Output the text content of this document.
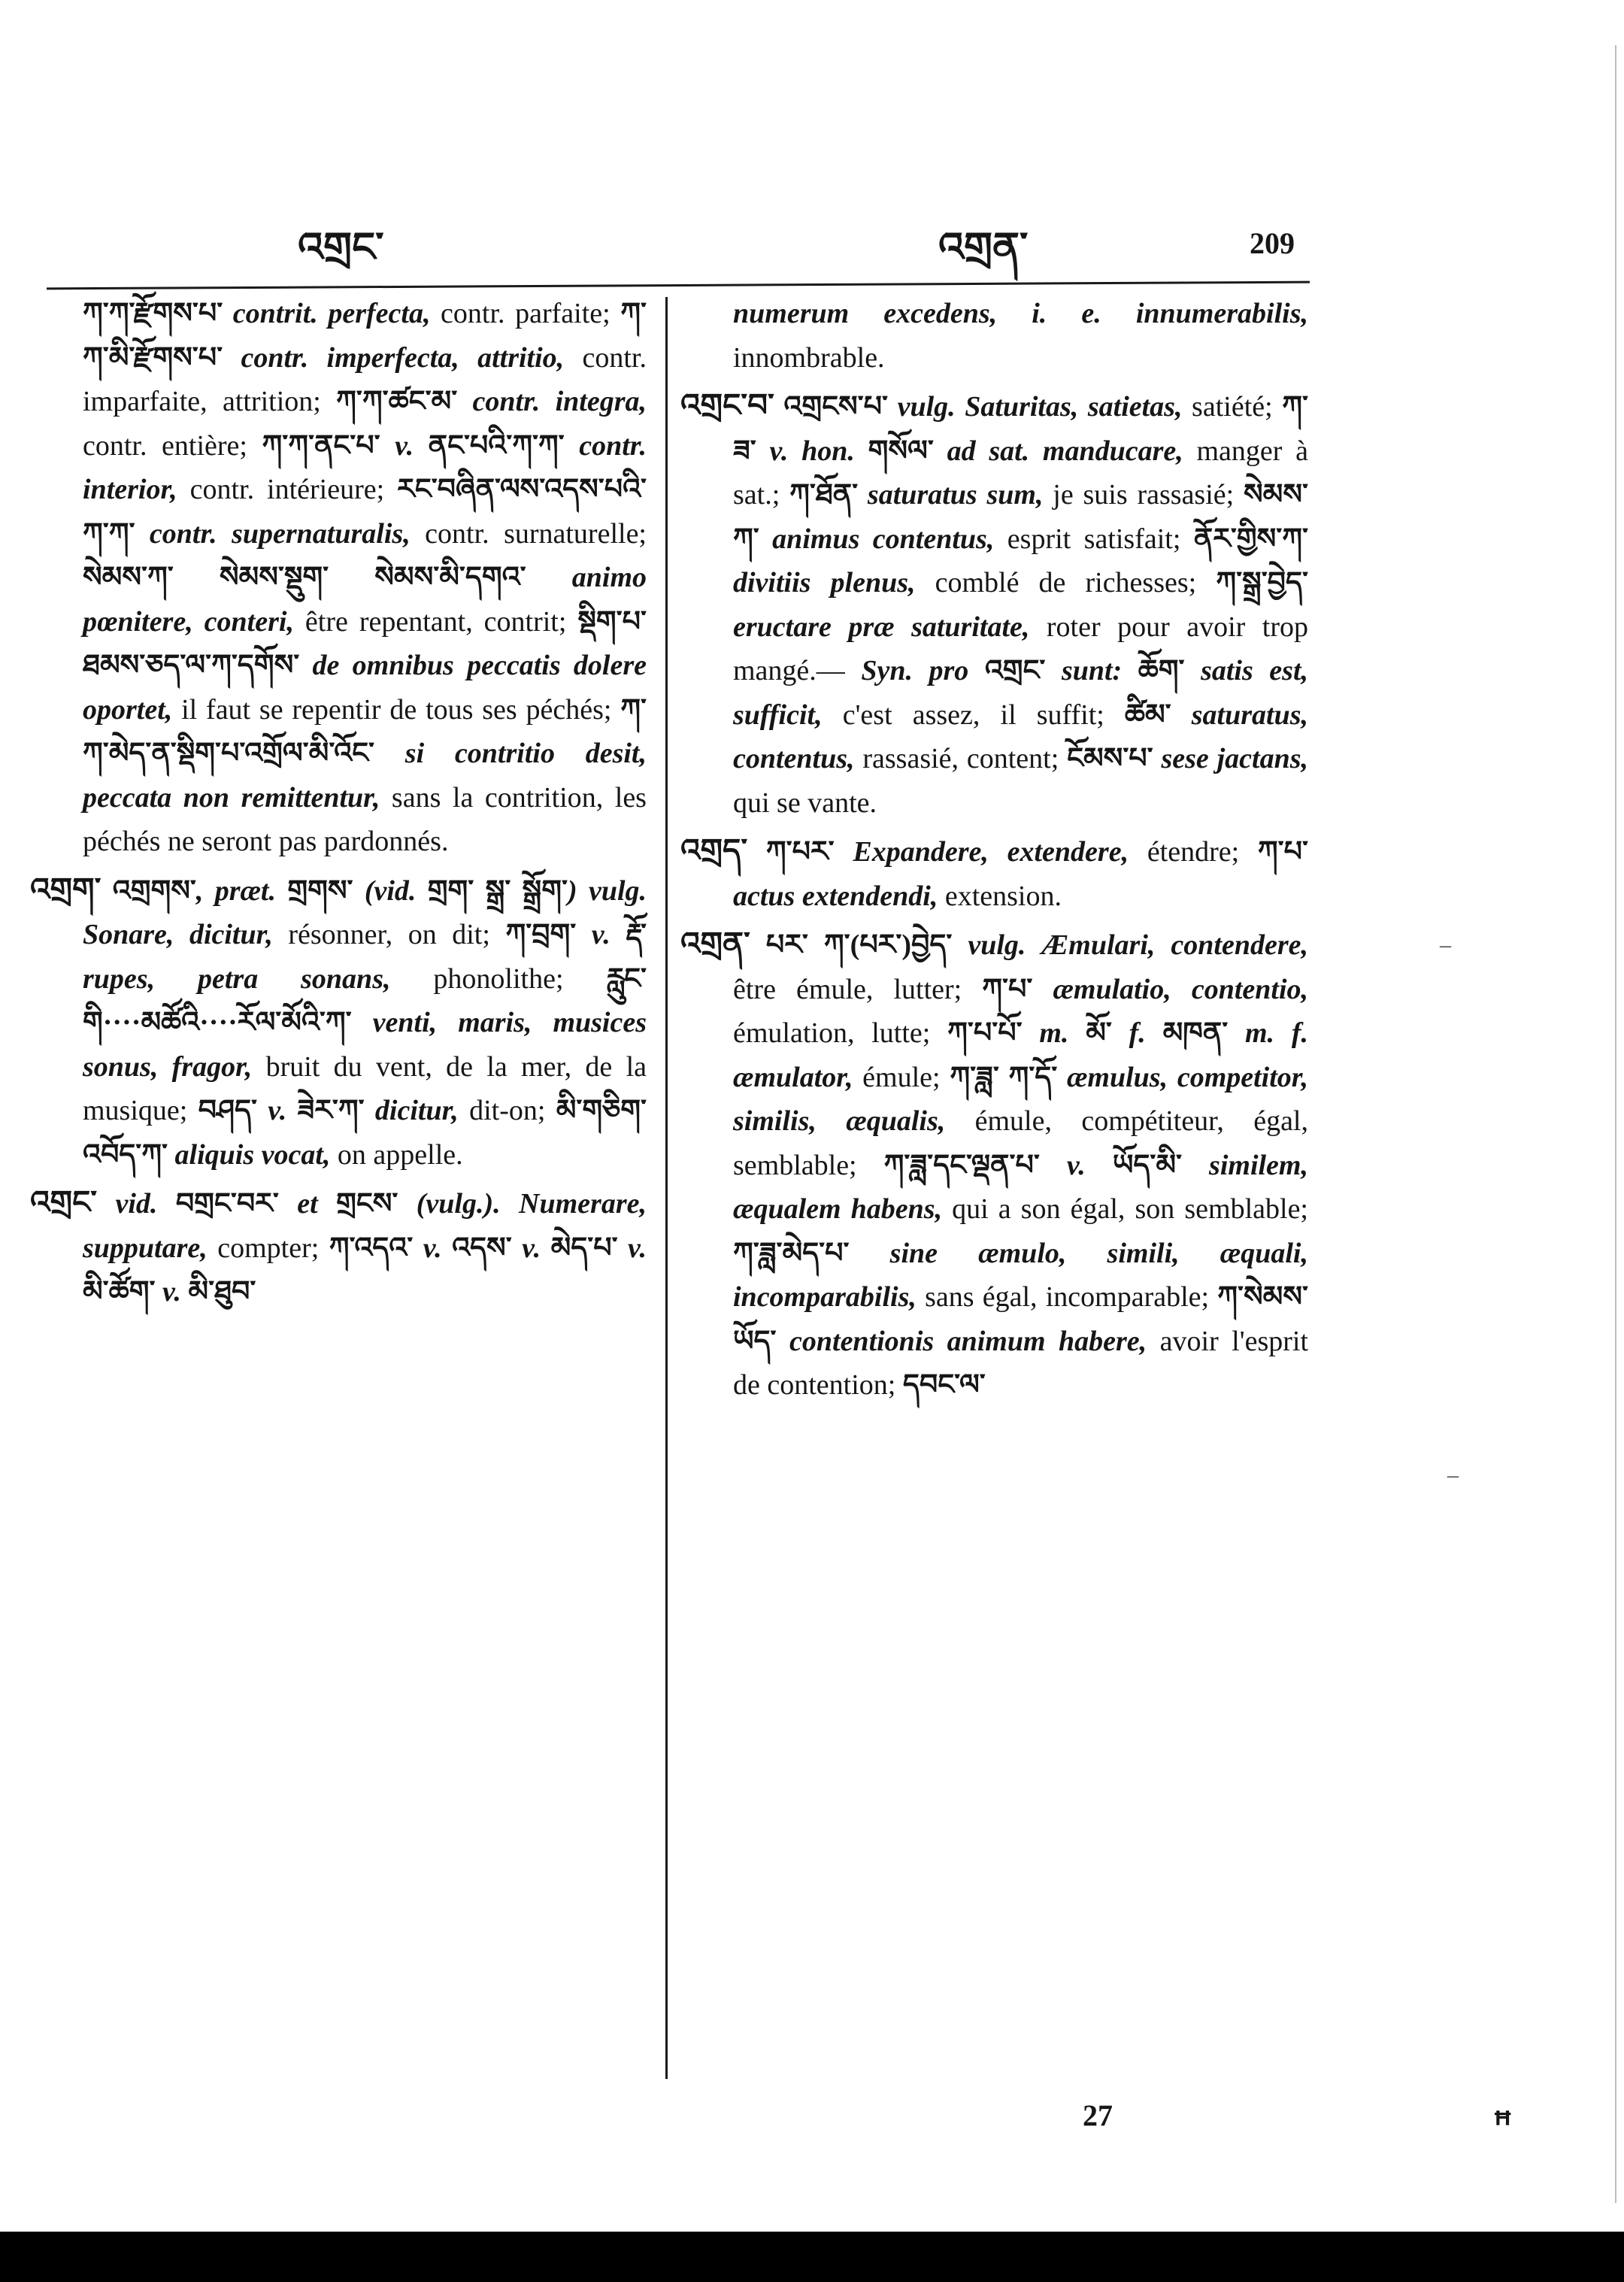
འགྲང་	འགྲན་	209

ཀ་ཀ་རྫོགས་པ་ contrit. perfecta, contr. parfaite; ཀ་ཀ་མི་རྫོགས་པ་ contr. imperfecta, attritio, contr. imparfaite, attrition; ཀ་ཀ་ཚང་མ་ contr. integra, contr. entière; ཀ་ཀ་ནང་པ་ v. ནང་པའི་ཀ་ཀ་ contr. interior, contr. intérieure; རང་བཞིན་ལས་འདས་པའི་ཀ་ཀ་ contr. supernaturalis, contr. surnaturelle; སེམས་ཀ་ སེམས་སྡུག་ སེམས་མི་དགའ་ animo pœnitere, conteri, être repentant, contrit; སྡིག་པ་ཐམས་ཅད་ལ་ཀ་དགོས་ de omnibus peccatis dolere oportet, il faut se repentir de tous ses péchés; ཀ་ཀ་མེད་ན་སྡིག་པ་འགྲོལ་མི་འོང་ si contritio desit, peccata non remittentur, sans la contrition, les péchés ne seront pas pardonnés.

འགྲག་ འགྲགས་, præt. གྲགས་ (vid. གྲག་ སྒྲ་ སྒྲོག་) vulg. Sonare, dicitur, résonner, on dit; ཀ་བྲག་ v. རྡོ་ rupes, petra sonans, phonolithe; རླུང་གི····མཚོའི····རོལ་མོའི་ཀ་ venti, maris, musices sonus, fragor, bruit du vent, de la mer, de la musique; བཤད་ v. ཟེར་ཀ་ dicitur, dit-on; མི་གཅིག་འབོད་ཀ་ aliquis vocat, on appelle.

འགྲང་ vid. བགྲང་བར་ et གྲངས་ (vulg.). Numerare, supputare, compter; ཀ་འདའ་ v. འདས་ v. མེད་པ་ v. མི་ཚོག་ v. མི་ཐུབ་

numerum excedens, i. e. innumerabilis, innombrable.

འགྲང་བ་ འགྲངས་པ་ vulg. Saturitas, satietas, satiété; ཀ་ཟ་ v. hon. གསོལ་ ad sat. manducare, manger à sat.; ཀ་ཐོན་ saturatus sum, je suis rassasié; སེམས་ཀ་ animus contentus, esprit satisfait; ནོར་གྱིས་ཀ་ divitiis plenus, comblé de richesses; ཀ་སྒྲ་བྱེད་ eructare præ saturitate, roter pour avoir trop mangé.— Syn. pro འགྲང་ sunt: ཆོག་ satis est, sufficit, c'est assez, il suffit; ཚིམ་ saturatus, contentus, rassasié, content; ངོམས་པ་ sese jactans, qui se vante.

འགྲད་ ཀ་པར་ Expandere, extendere, étendre; ཀ་པ་ actus extendendi, extension.

འགྲན་ པར་ ཀ་(པར་)བྱེད་ vulg. Æmulari, contendere, être émule, lutter; ཀ་པ་ æmulatio, contentio, émulation, lutte; ཀ་པ་པོ་ m. མོ་ f. མཁན་ m. f. æmulator, émule; ཀ་ཟླ་ ཀ་དོ་ æmulus, competitor, similis, æqualis, émule, compétiteur, égal, semblable; ཀ་ཟླ་དང་ལྡན་པ་ v. ཡོད་མི་ similem, æqualem habens, qui a son égal, son semblable; ཀ་ཟླ་མེད་པ་ sine æmulo, simili, æquali, incomparabilis, sans égal, incomparable; ཀ་སེམས་ཡོད་ contentionis animum habere, avoir l'esprit de contention; དབང་ལ་

–
–
27	ꟸ
